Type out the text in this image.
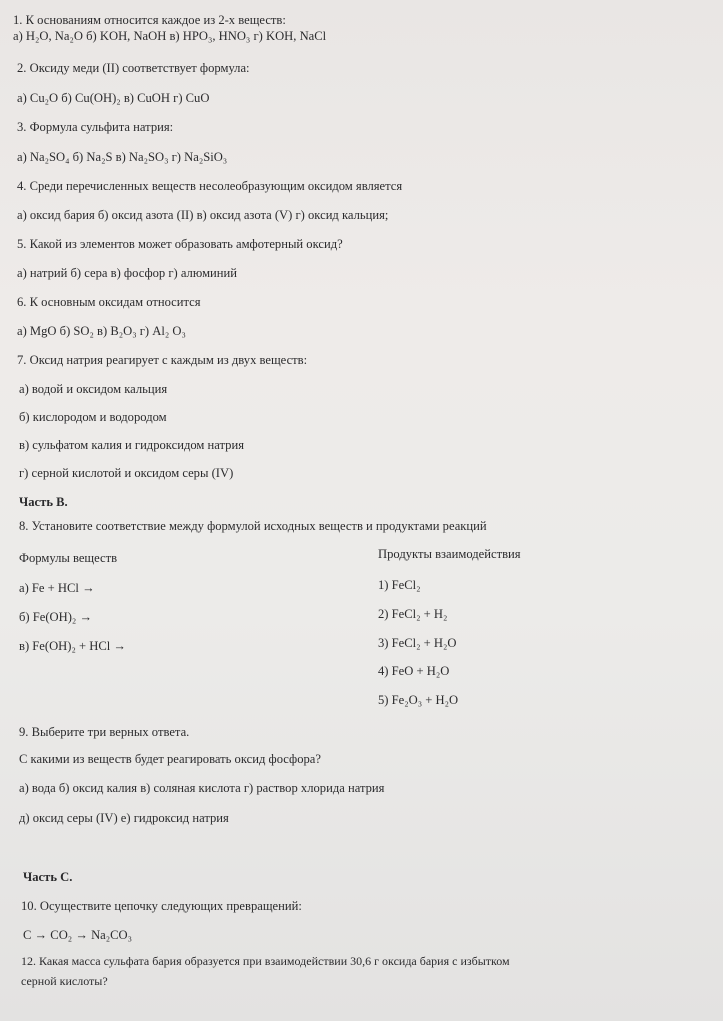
1. К основаниям относится каждое из 2-х веществ:
а) H₂O, Na₂O б) KOH, NaOH в) HPO₃, HNO₃ г) KOH, NaCl
2. Оксиду меди (II) соответствует формула:
а) Cu₂O б) Cu(OH)₂ в) CuOH г) CuO
3. Формула сульфита натрия:
а) Na₂SO₄ б) Na₂S в) Na₂SO₃ г) Na₂SiO₃
4. Среди перечисленных веществ несолеобразующим оксидом является
а) оксид бария б) оксид азота (II) в) оксид азота (V) г) оксид кальция;
5. Какой из элементов может образовать амфотерный оксид?
а) натрий б) сера в) фосфор г) алюминий
6. К основным оксидам относится
а) MgO б) SO₂ в) B₂O₃ г) Al₂ O₃
7. Оксид натрия реагирует с каждым из двух веществ:
а) водой и оксидом кальция
б) кислородом и водородом
в) сульфатом калия и гидроксидом натрия
г) серной кислотой и оксидом серы (IV)
Часть В.
8. Установите соответствие между формулой исходных веществ и продуктами реакций
Формулы веществ	Продукты взаимодействия
а) Fe + HCl →
б) Fe(OH)₂ →
в) Fe(OH)₂ + HCl →
1) FeCl₂
2) FeCl₂ + H₂
3) FeCl₂ + H₂O
4) FeO + H₂O
5) Fe₂O₃ + H₂O
9. Выберите три верных ответа.
С какими из веществ будет реагировать оксид фосфора?
а) вода б) оксид калия в) соляная кислота г) раствор хлорида натрия
д) оксид серы (IV) е) гидроксид натрия
Часть С.
10. Осуществите цепочку следующих превращений:
C → CO₂ → Na₂CO₃
12. Какая масса сульфата бария образуется при взаимодействии 30,6 г оксида бария с избытком
серной кислоты?
